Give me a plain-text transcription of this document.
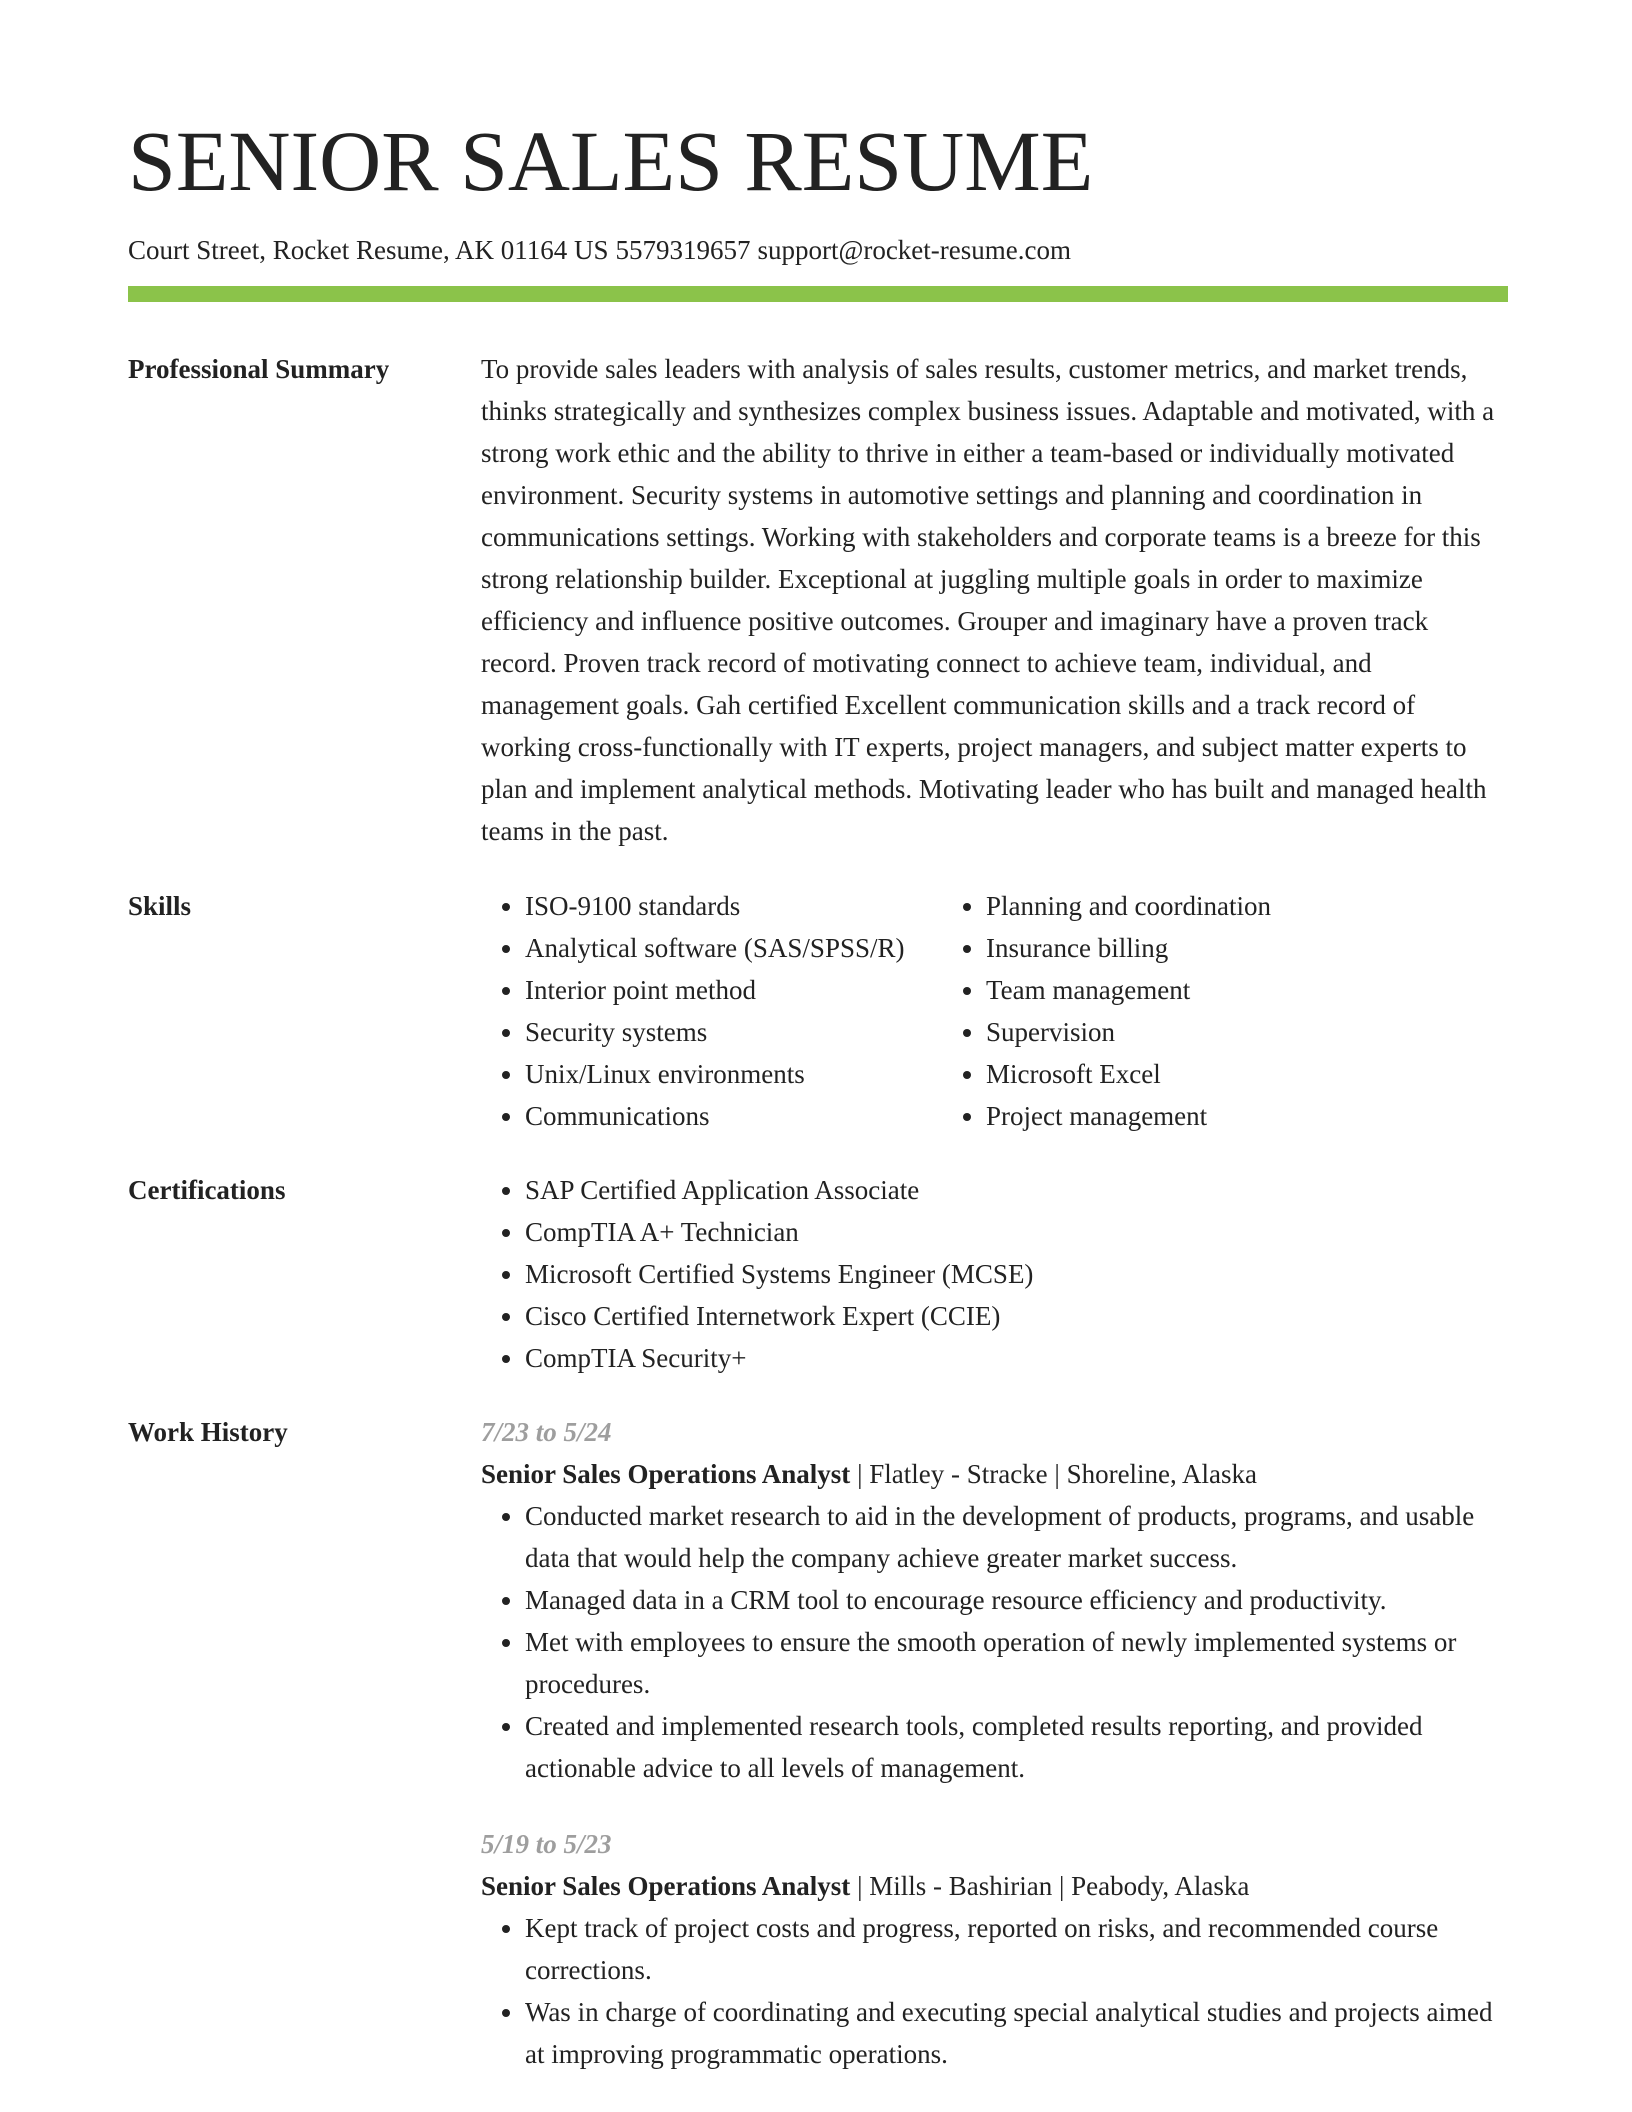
SENIOR SALES RESUME
Court Street, Rocket Resume, AK 01164 US 5579319657 support@rocket-resume.com
Professional Summary	To provide sales leaders with analysis of sales results, customer metrics, and market trends, thinks strategically and synthesizes complex business issues. Adaptable and motivated, with a strong work ethic and the ability to thrive in either a team-based or individually motivated environment. Security systems in automotive settings and planning and coordination in communications settings. Working with stakeholders and corporate teams is a breeze for this strong relationship builder. Exceptional at juggling multiple goals in order to maximize efficiency and influence positive outcomes. Grouper and imaginary have a proven track record. Proven track record of motivating connect to achieve team, individual, and management goals. Gah certified Excellent communication skills and a track record of working cross-functionally with IT experts, project managers, and subject matter experts to plan and implement analytical methods. Motivating leader who has built and managed health teams in the past.

Skills	• ISO-9100 standards
• Analytical software (SAS/SPSS/R)
• Interior point method
• Security systems
• Unix/Linux environments
• Communications
• Planning and coordination
• Insurance billing
• Team management
• Supervision
• Microsoft Excel
• Project management
Certifications	• SAP Certified Application Associate
• CompTIA A+ Technician
• Microsoft Certified Systems Engineer (MCSE)
• Cisco Certified Internetwork Expert (CCIE)
• CompTIA Security+
Work History	7/23 to 5/24
Senior Sales Operations Analyst | Flatley - Stracke | Shoreline, Alaska
• Conducted market research to aid in the development of products, programs, and usable data that would help the company achieve greater market success.
• Managed data in a CRM tool to encourage resource efficiency and productivity.
• Met with employees to ensure the smooth operation of newly implemented systems or procedures.
• Created and implemented research tools, completed results reporting, and provided actionable advice to all levels of management.
5/19 to 5/23
Senior Sales Operations Analyst | Mills - Bashirian | Peabody, Alaska
• Kept track of project costs and progress, reported on risks, and recommended course corrections.
• Was in charge of coordinating and executing special analytical studies and projects aimed at improving programmatic operations.
